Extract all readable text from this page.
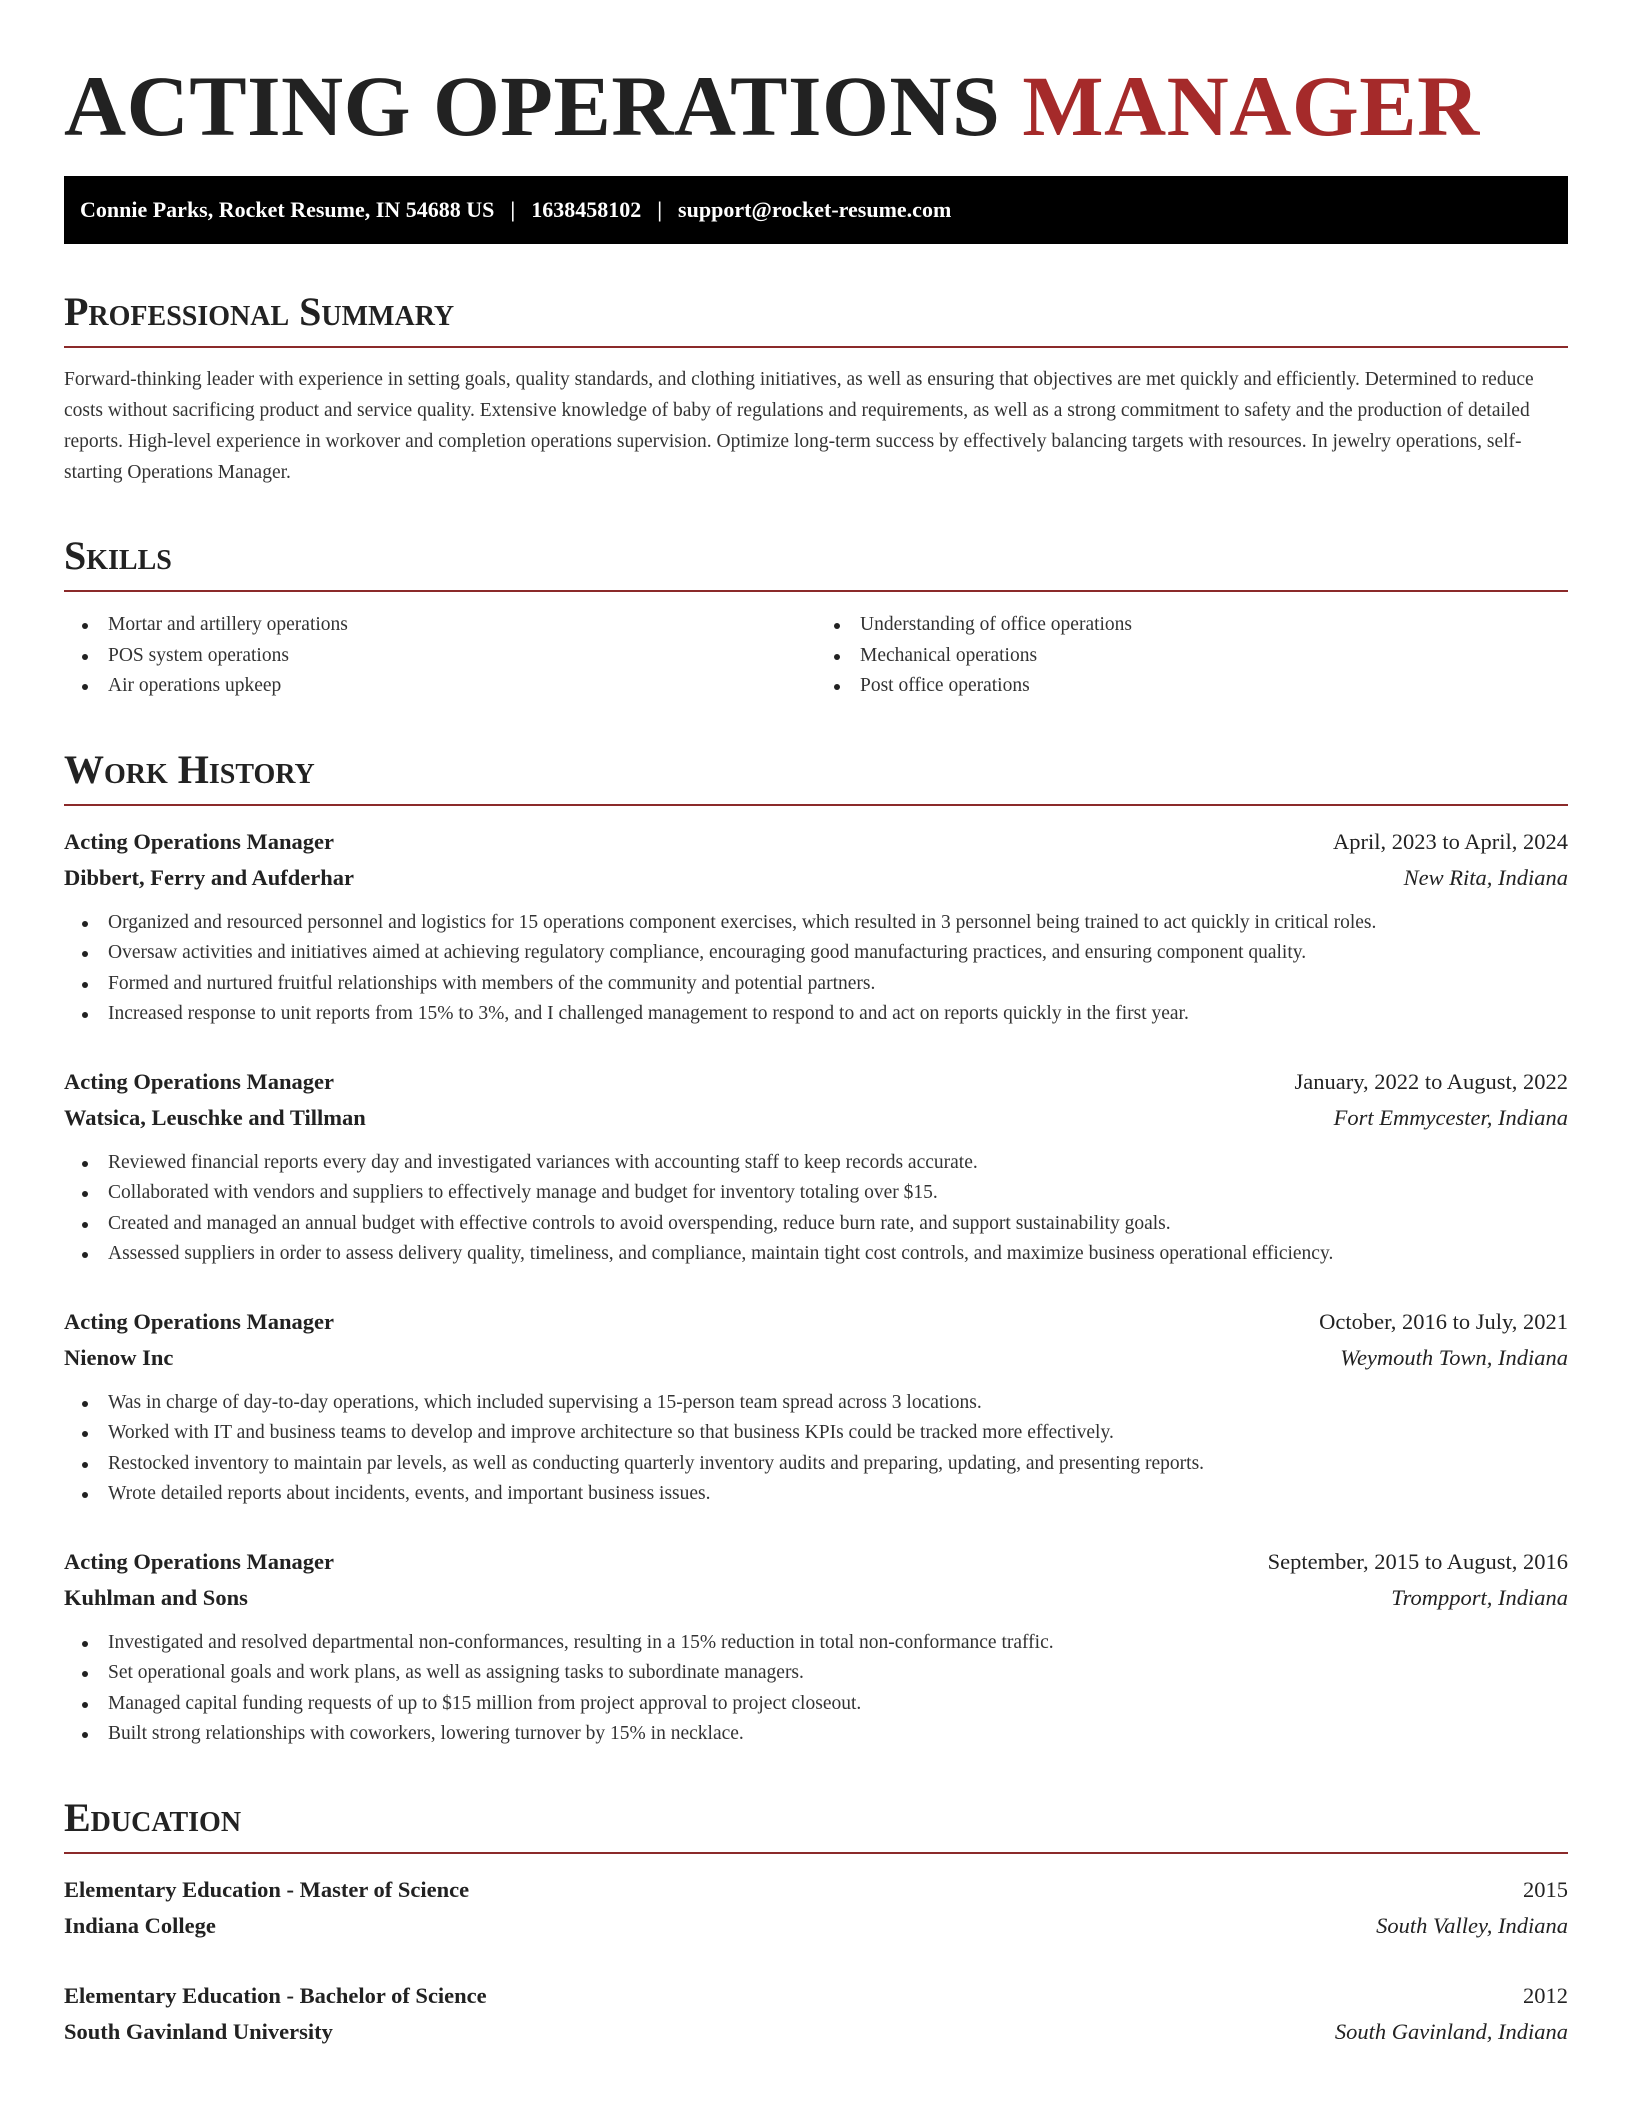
ACTING OPERATIONS MANAGER
Connie Parks, Rocket Resume, IN 54688 US | 1638458102 | support@rocket-resume.com
Professional Summary
Forward-thinking leader with experience in setting goals, quality standards, and clothing initiatives, as well as ensuring that objectives are met quickly and efficiently. Determined to reduce costs without sacrificing product and service quality. Extensive knowledge of baby of regulations and requirements, as well as a strong commitment to safety and the production of detailed reports. High-level experience in workover and completion operations supervision. Optimize long-term success by effectively balancing targets with resources. In jewelry operations, self-starting Operations Manager.
Skills
Mortar and artillery operations
POS system operations
Air operations upkeep
Understanding of office operations
Mechanical operations
Post office operations
Work History
Acting Operations Manager	April, 2023 to April, 2024
Dibbert, Ferry and Aufderhar	New Rita, Indiana
Organized and resourced personnel and logistics for 15 operations component exercises, which resulted in 3 personnel being trained to act quickly in critical roles.
Oversaw activities and initiatives aimed at achieving regulatory compliance, encouraging good manufacturing practices, and ensuring component quality.
Formed and nurtured fruitful relationships with members of the community and potential partners.
Increased response to unit reports from 15% to 3%, and I challenged management to respond to and act on reports quickly in the first year.
Acting Operations Manager	January, 2022 to August, 2022
Watsica, Leuschke and Tillman	Fort Emmycester, Indiana
Reviewed financial reports every day and investigated variances with accounting staff to keep records accurate.
Collaborated with vendors and suppliers to effectively manage and budget for inventory totaling over $15.
Created and managed an annual budget with effective controls to avoid overspending, reduce burn rate, and support sustainability goals.
Assessed suppliers in order to assess delivery quality, timeliness, and compliance, maintain tight cost controls, and maximize business operational efficiency.
Acting Operations Manager	October, 2016 to July, 2021
Nienow Inc	Weymouth Town, Indiana
Was in charge of day-to-day operations, which included supervising a 15-person team spread across 3 locations.
Worked with IT and business teams to develop and improve architecture so that business KPIs could be tracked more effectively.
Restocked inventory to maintain par levels, as well as conducting quarterly inventory audits and preparing, updating, and presenting reports.
Wrote detailed reports about incidents, events, and important business issues.
Acting Operations Manager	September, 2015 to August, 2016
Kuhlman and Sons	Trompport, Indiana
Investigated and resolved departmental non-conformances, resulting in a 15% reduction in total non-conformance traffic.
Set operational goals and work plans, as well as assigning tasks to subordinate managers.
Managed capital funding requests of up to $15 million from project approval to project closeout.
Built strong relationships with coworkers, lowering turnover by 15% in necklace.
Education
Elementary Education - Master of Science	2015
Indiana College	South Valley, Indiana
Elementary Education - Bachelor of Science	2012
South Gavinland University	South Gavinland, Indiana
